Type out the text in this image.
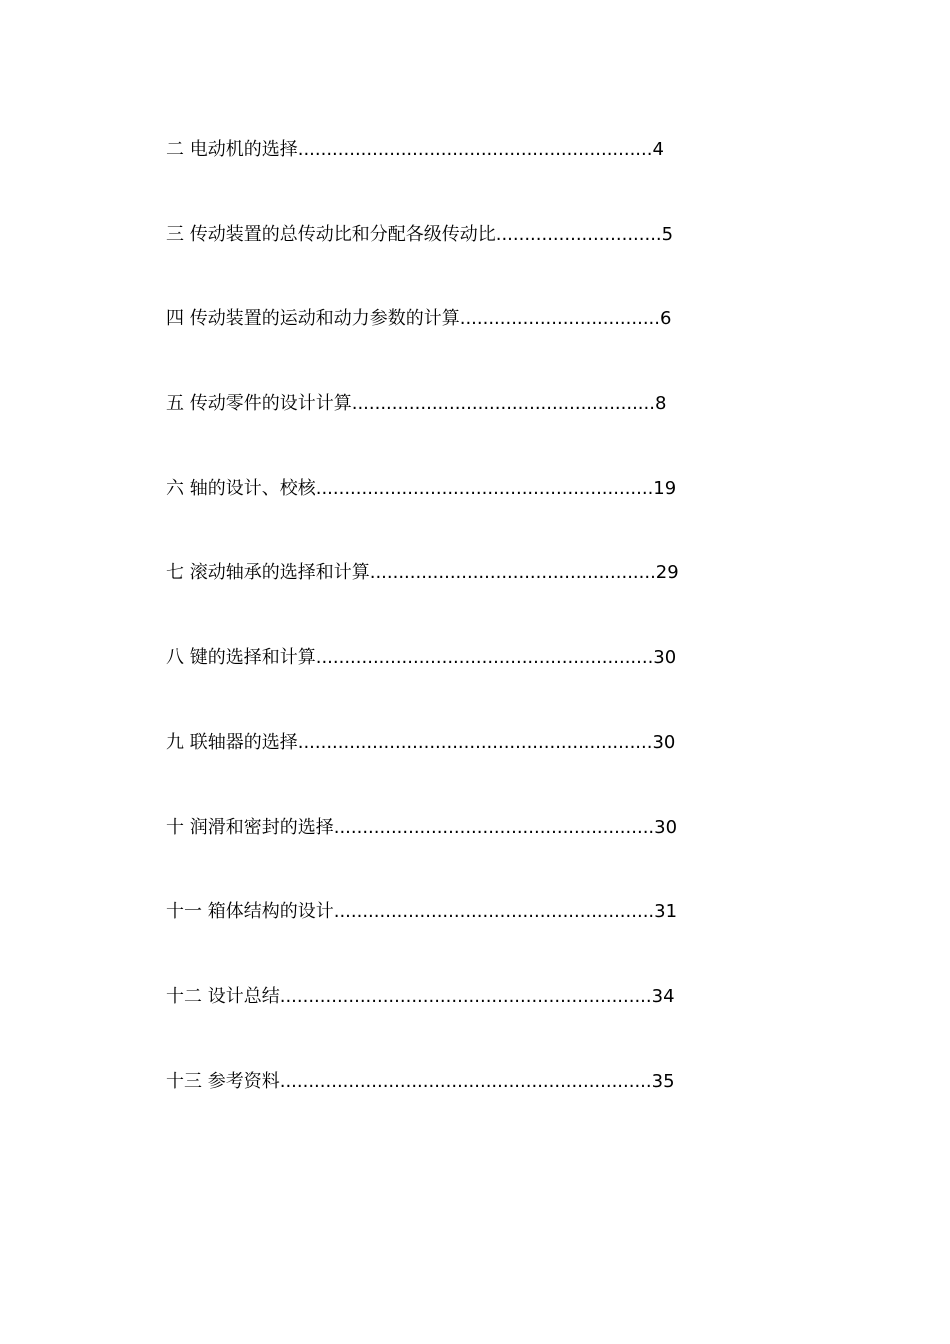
二 电动机的选择..............................................................4
三 传动装置的总传动比和分配各级传动比.............................5
四 传动装置的运动和动力参数的计算...................................6
五 传动零件的设计计算.....................................................8
六 轴的设计、校核...........................................................19
七 滚动轴承的选择和计算..................................................29
八 键的选择和计算...........................................................30
九 联轴器的选择..............................................................30
十 润滑和密封的选择........................................................30
十一 箱体结构的设计........................................................31
十二 设计总结.................................................................34
十三 参考资料.................................................................35
